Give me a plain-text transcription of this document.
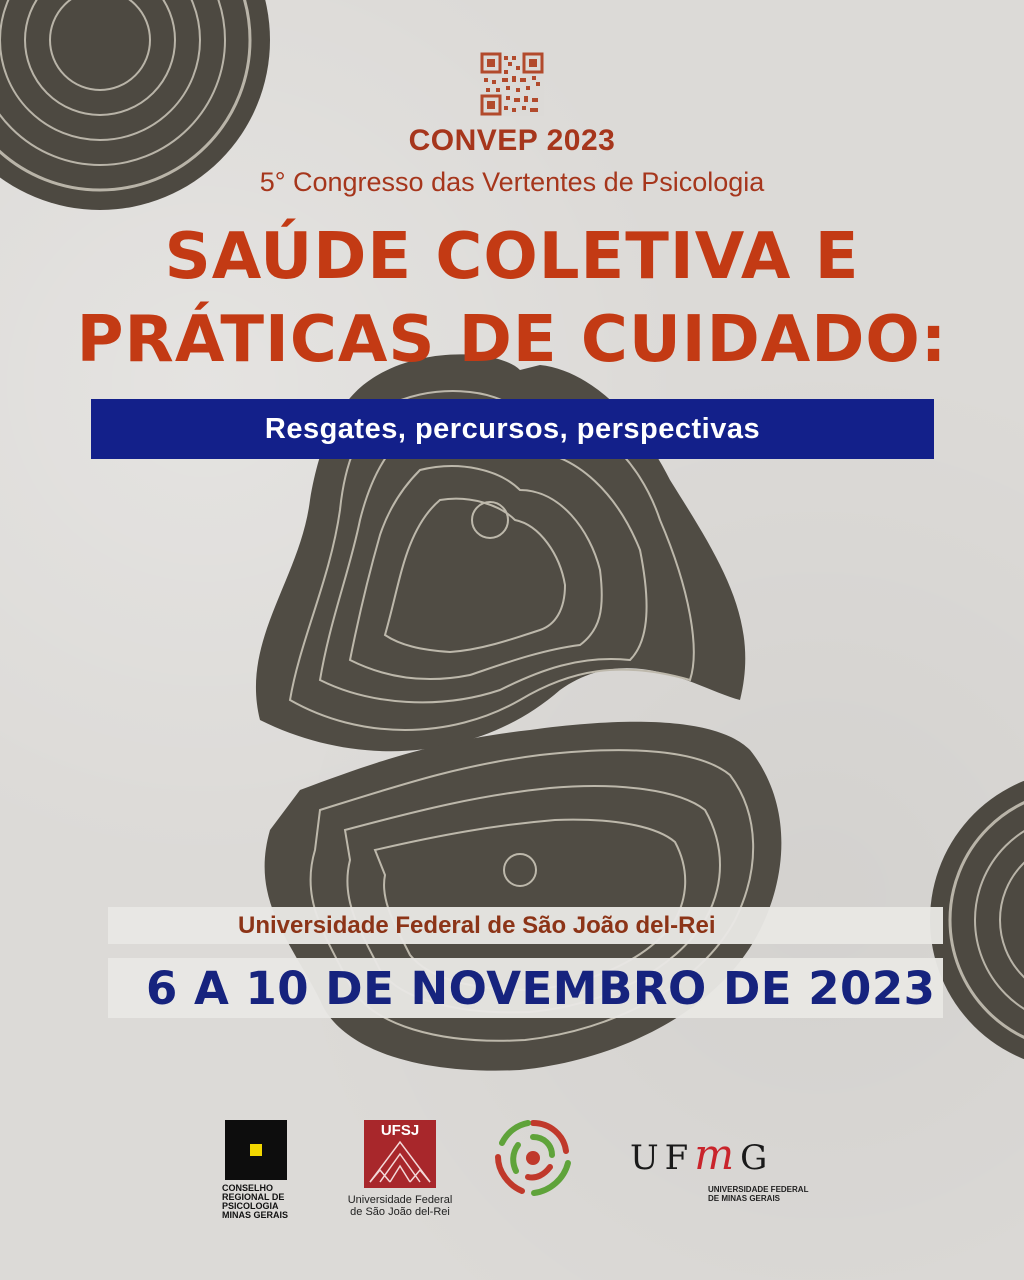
CONVEP 2023
5° Congresso das Vertentes de Psicologia
SAÚDE COLETIVA E
PRÁTICAS DE CUIDADO:
Resgates, percursos, perspectivas
Universidade Federal de São João del-Rei
6 A 10 DE NOVEMBRO DE 2023
CONSELHO REGIONAL DE PSICOLOGIA MINAS GERAIS
UFSJ
Universidade Federal
de São João del-Rei
UFmG
UNIVERSIDADE FEDERAL
DE MINAS GERAIS
